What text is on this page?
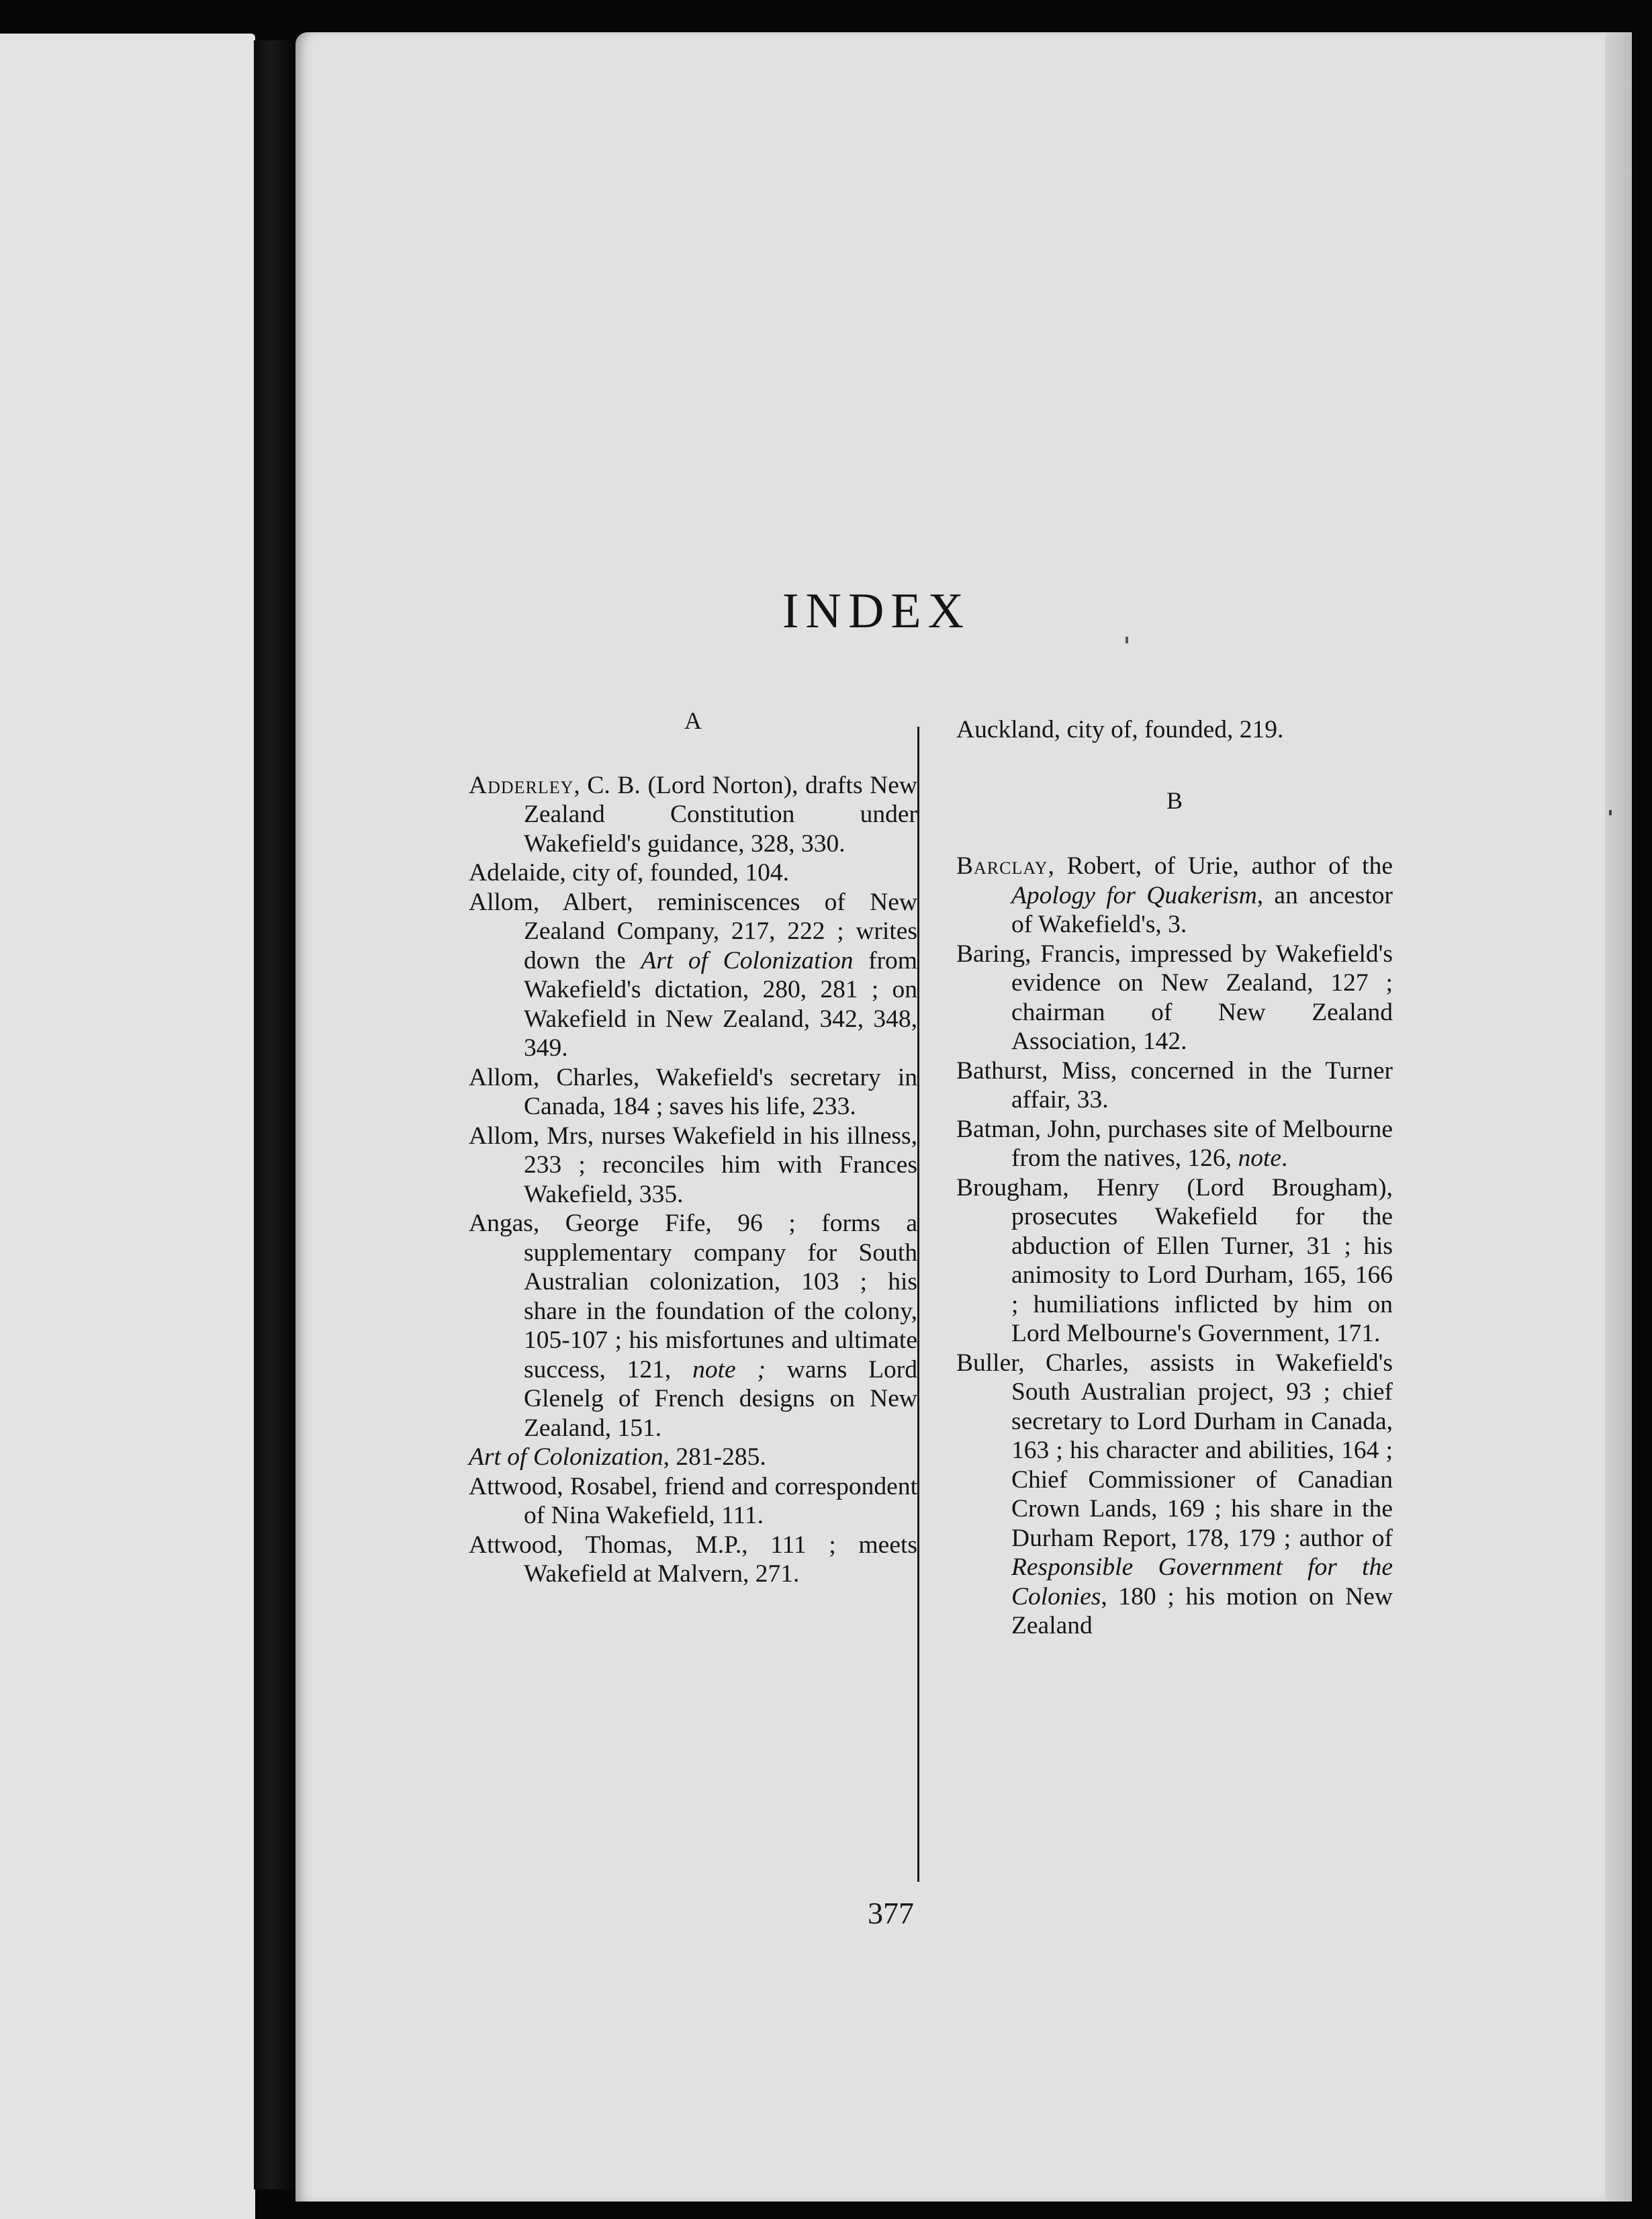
INDEX

A

Adderley, C. B. (Lord Norton), drafts New Zealand Constitution under Wakefield's guidance, 328, 330.

Adelaide, city of, founded, 104.

Allom, Albert, reminiscences of New Zealand Company, 217, 222 ; writes down the Art of Colonization from Wakefield's dictation, 280, 281 ; on Wakefield in New Zealand, 342, 348, 349.

Allom, Charles, Wakefield's secretary in Canada, 184 ; saves his life, 233.

Allom, Mrs, nurses Wakefield in his illness, 233 ; reconciles him with Frances Wakefield, 335.

Angas, George Fife, 96 ; forms a supplementary company for South Australian colonization, 103 ; his share in the foundation of the colony, 105-107 ; his misfortunes and ultimate success, 121, note ; warns Lord Glenelg of French designs on New Zealand, 151.

Art of Colonization, 281-285.

Attwood, Rosabel, friend and correspondent of Nina Wakefield, 111.

Attwood, Thomas, M.P., 111 ; meets Wakefield at Malvern, 271.

Auckland, city of, founded, 219.

B

Barclay, Robert, of Urie, author of the Apology for Quakerism, an ancestor of Wakefield's, 3.

Baring, Francis, impressed by Wakefield's evidence on New Zealand, 127 ; chairman of New Zealand Association, 142.

Bathurst, Miss, concerned in the Turner affair, 33.

Batman, John, purchases site of Melbourne from the natives, 126, note.

Brougham, Henry (Lord Brougham), prosecutes Wakefield for the abduction of Ellen Turner, 31 ; his animosity to Lord Durham, 165, 166 ; humiliations inflicted by him on Lord Melbourne's Government, 171.

Buller, Charles, assists in Wakefield's South Australian project, 93 ; chief secretary to Lord Durham in Canada, 163 ; his character and abilities, 164 ; Chief Commissioner of Canadian Crown Lands, 169 ; his share in the Durham Report, 178, 179 ; author of Responsible Government for the Colonies, 180 ; his motion on New Zealand

377
